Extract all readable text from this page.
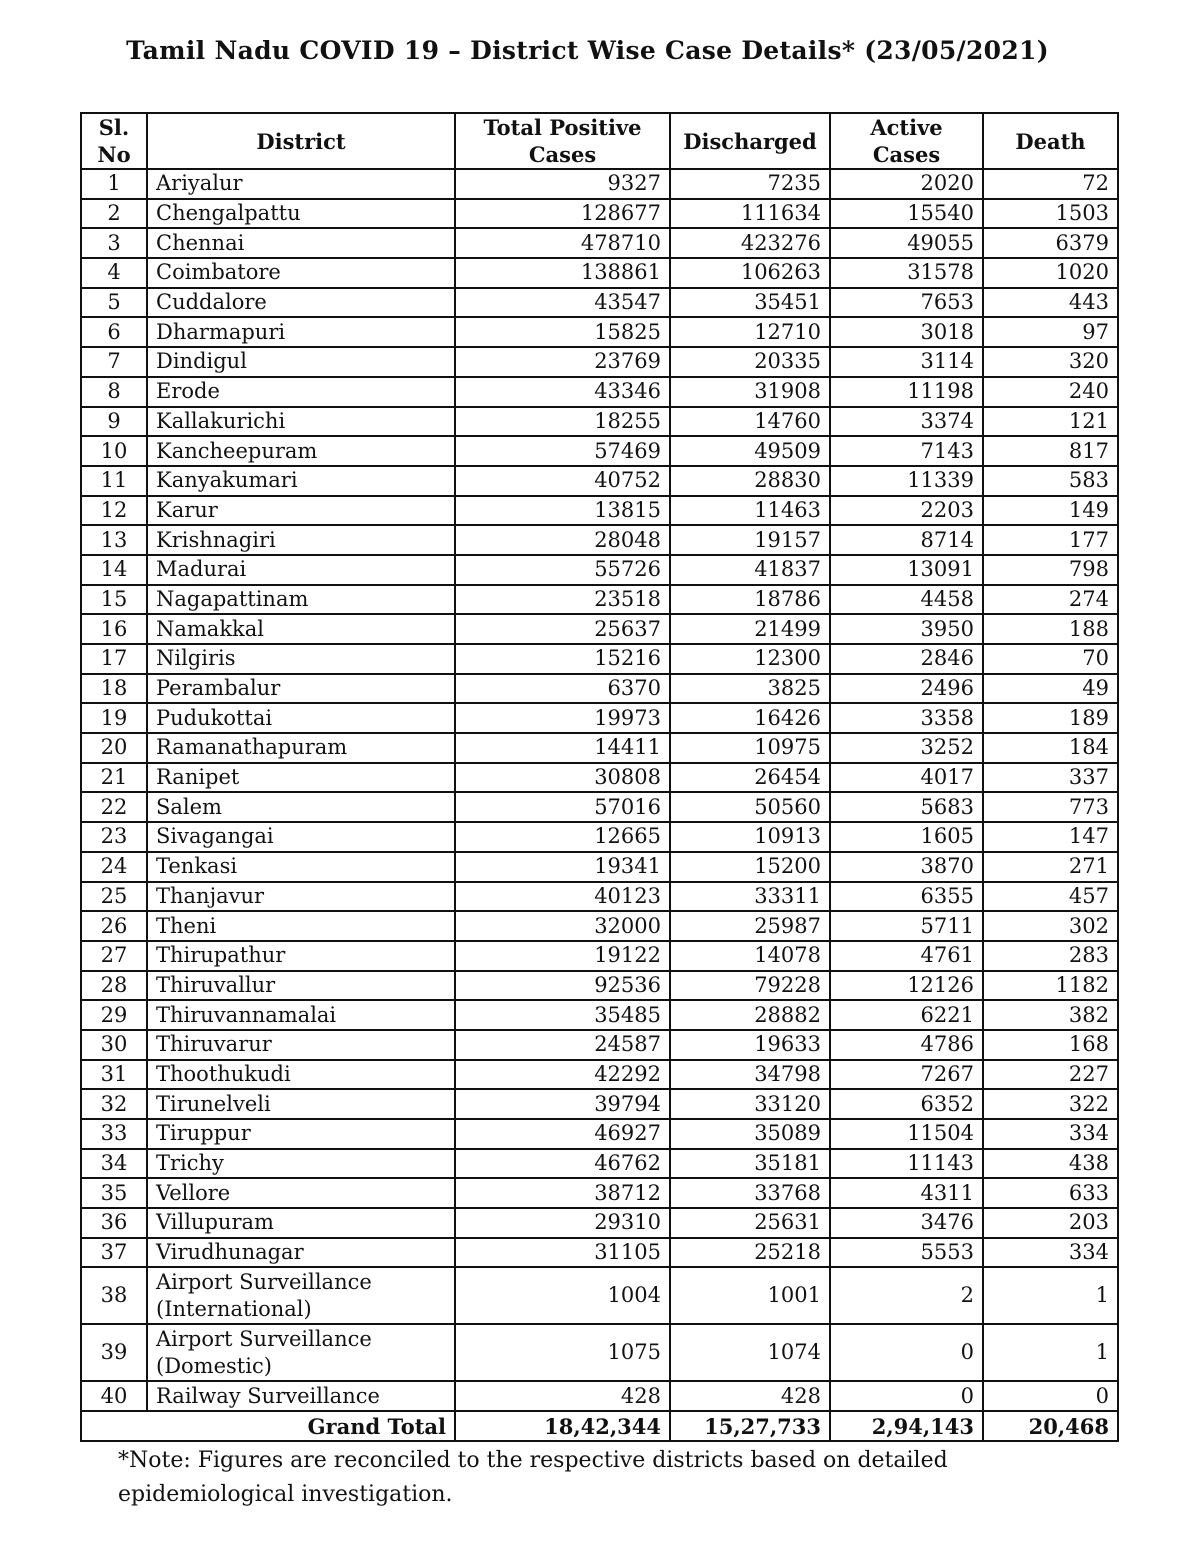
Tamil Nadu COVID 19 – District Wise Case Details* (23/05/2021)
Sl. No	District	Total Positive Cases	Discharged	Active Cases	Death
1	Ariyalur	9327	7235	2020	72
2	Chengalpattu	128677	111634	15540	1503
3	Chennai	478710	423276	49055	6379
4	Coimbatore	138861	106263	31578	1020
5	Cuddalore	43547	35451	7653	443
6	Dharmapuri	15825	12710	3018	97
7	Dindigul	23769	20335	3114	320
8	Erode	43346	31908	11198	240
9	Kallakurichi	18255	14760	3374	121
10	Kancheepuram	57469	49509	7143	817
11	Kanyakumari	40752	28830	11339	583
12	Karur	13815	11463	2203	149
13	Krishnagiri	28048	19157	8714	177
14	Madurai	55726	41837	13091	798
15	Nagapattinam	23518	18786	4458	274
16	Namakkal	25637	21499	3950	188
17	Nilgiris	15216	12300	2846	70
18	Perambalur	6370	3825	2496	49
19	Pudukottai	19973	16426	3358	189
20	Ramanathapuram	14411	10975	3252	184
21	Ranipet	30808	26454	4017	337
22	Salem	57016	50560	5683	773
23	Sivagangai	12665	10913	1605	147
24	Tenkasi	19341	15200	3870	271
25	Thanjavur	40123	33311	6355	457
26	Theni	32000	25987	5711	302
27	Thirupathur	19122	14078	4761	283
28	Thiruvallur	92536	79228	12126	1182
29	Thiruvannamalai	35485	28882	6221	382
30	Thiruvarur	24587	19633	4786	168
31	Thoothukudi	42292	34798	7267	227
32	Tirunelveli	39794	33120	6352	322
33	Tiruppur	46927	35089	11504	334
34	Trichy	46762	35181	11143	438
35	Vellore	38712	33768	4311	633
36	Villupuram	29310	25631	3476	203
37	Virudhunagar	31105	25218	5553	334
38	Airport Surveillance (International)	1004	1001	2	1
39	Airport Surveillance (Domestic)	1075	1074	0	1
40	Railway Surveillance	428	428	0	0
Grand Total		18,42,344	15,27,733	2,94,143	20,468
*Note: Figures are reconciled to the respective districts based on detailed epidemiological investigation.
